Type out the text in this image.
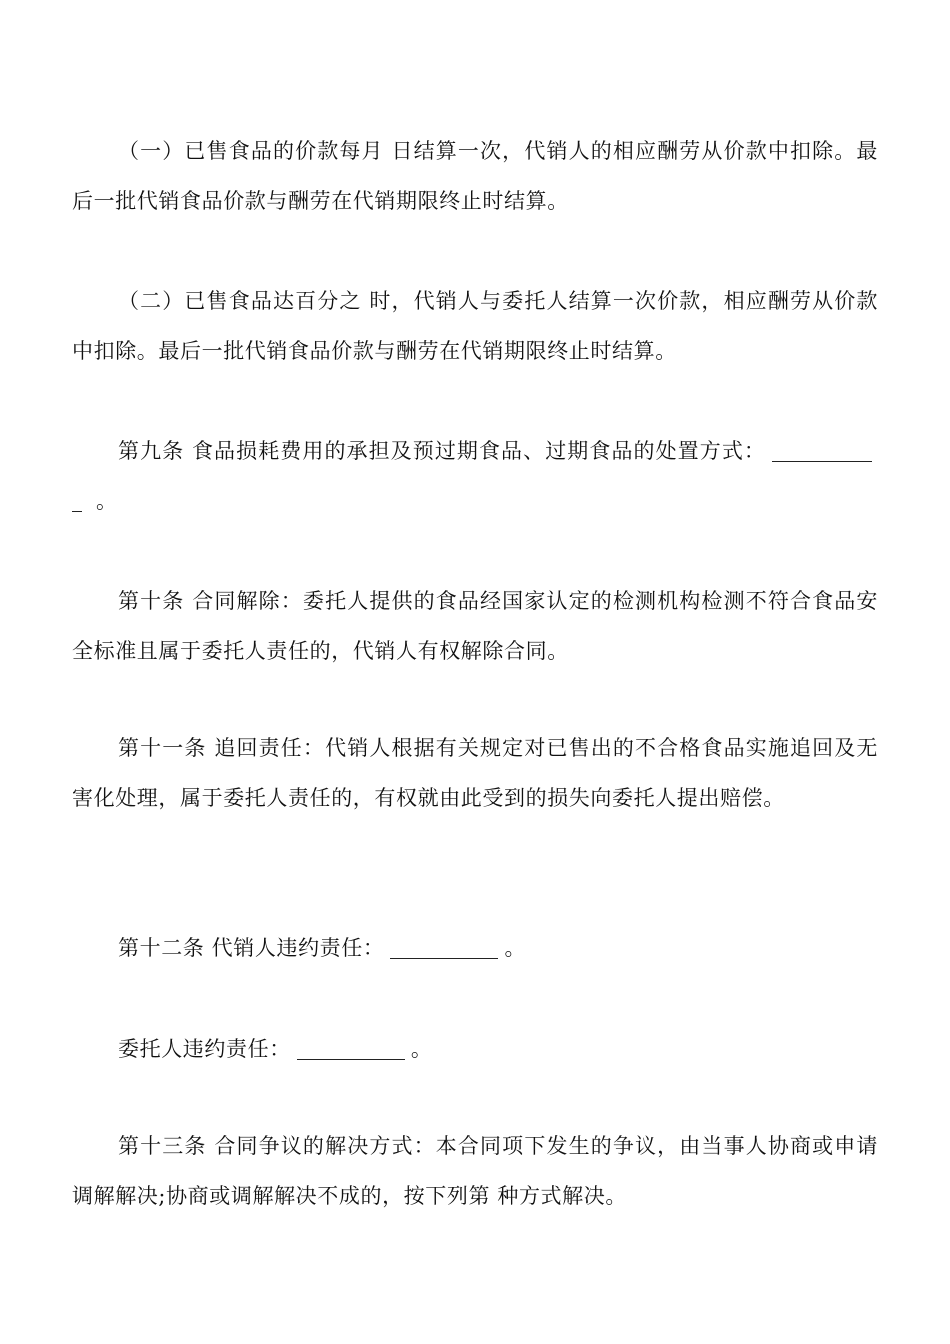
（一）已售食品的价款每月 日结算一次，代销人的相应酬劳从价款中扣除。最后一批代销食品价款与酬劳在代销期限终止时结算。
（二）已售食品达百分之 时，代销人与委托人结算一次价款，相应酬劳从价款中扣除。最后一批代销食品价款与酬劳在代销期限终止时结算。
第九条 食品损耗费用的承担及预过期食品、过期食品的处置方式：。
第十条 合同解除：委托人提供的食品经国家认定的检测机构检测不符合食品安全标准且属于委托人责任的，代销人有权解除合同。
第十一条 追回责任：代销人根据有关规定对已售出的不合格食品实施追回及无害化处理，属于委托人责任的，有权就由此受到的损失向委托人提出赔偿。
第十二条 代销人违约责任：	。
委托人违约责任：	。
第十三条 合同争议的解决方式：本合同项下发生的争议，由当事人协商或申请调解解决;协商或调解解决不成的，按下列第 种方式解决。
